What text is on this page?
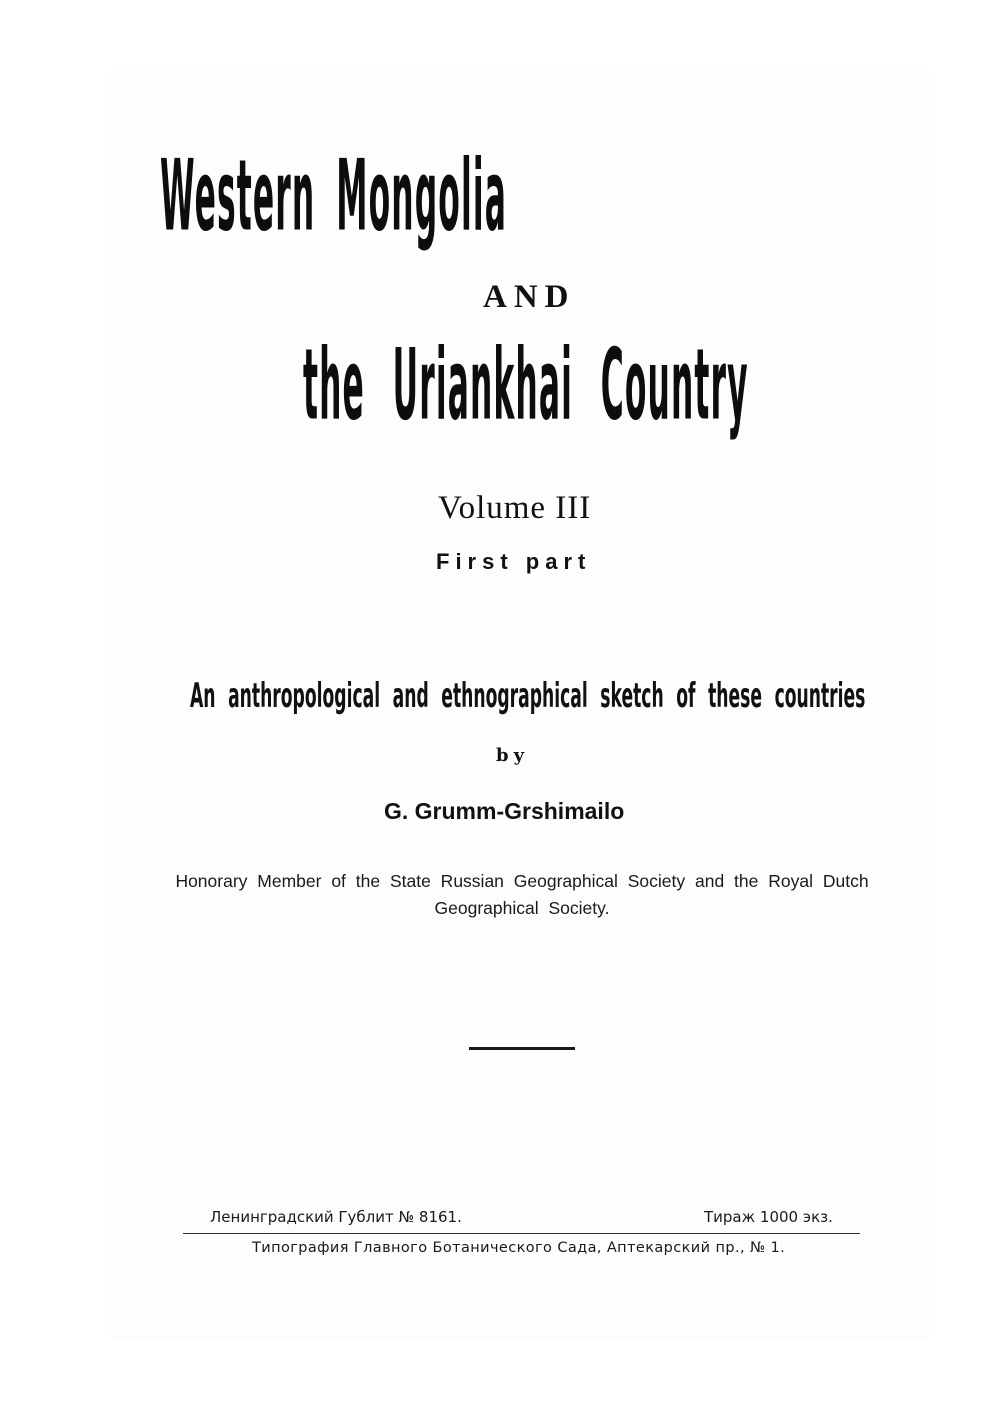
Western Mongolia
AND
the Uriankhai Country
Volume III
First part
An anthropological and ethnographical sketch of these countries
by
G. Grumm-Grshimailo
Honorary Member of the State Russian Geographical Society and the Royal Dutch Geographical Society.
Ленинградский Гублит № 8161.	Тираж 1000 экз.
Типография Главного Ботанического Сада, Аптекарский пр., № 1.
